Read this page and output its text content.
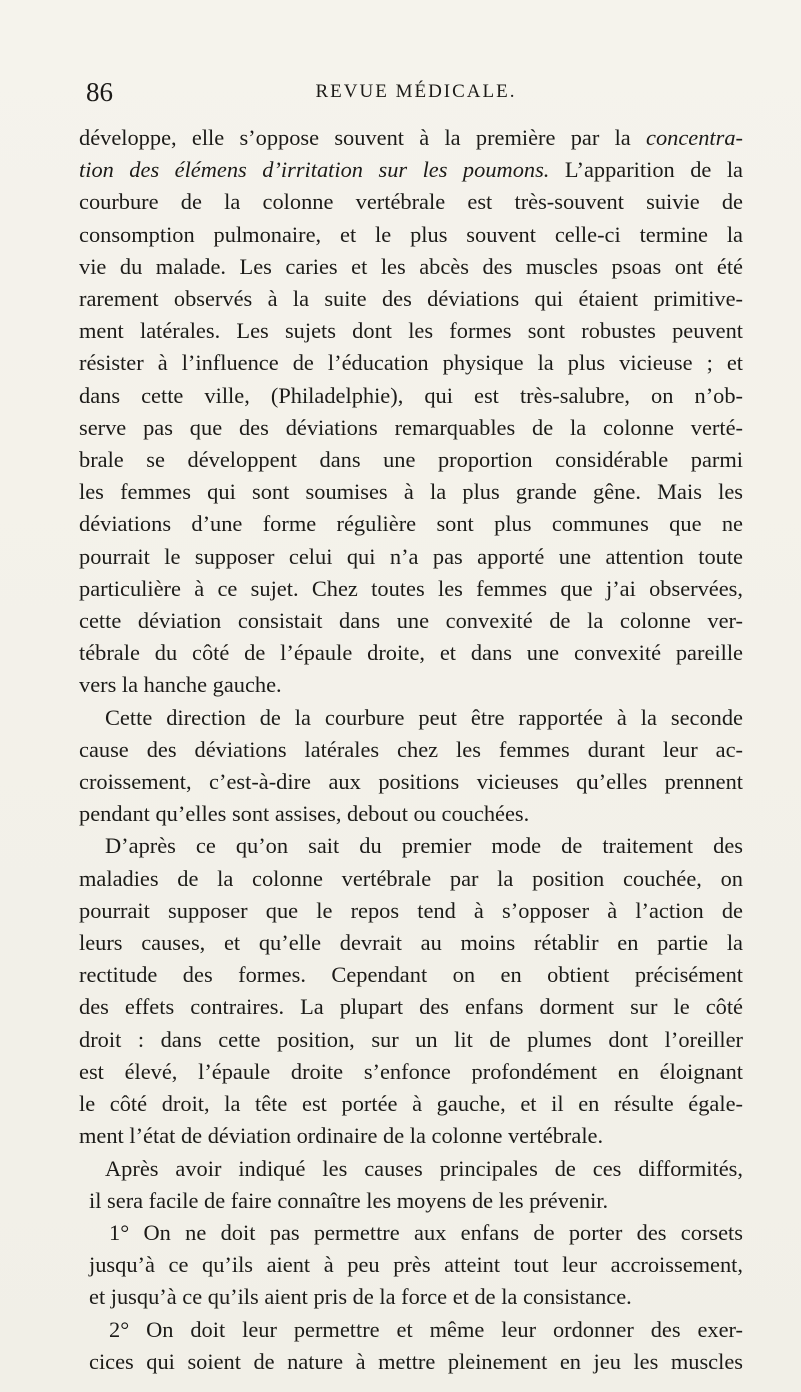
86	REVUE MÉDICALE.
développe, elle s’oppose souvent à la première par la concentra-
tion des élémens d’irritation sur les poumons. L’apparition de la
courbure de la colonne vertébrale est très-souvent suivie de
consomption pulmonaire, et le plus souvent celle-ci termine la
vie du malade. Les caries et les abcès des muscles psoas ont été
rarement observés à la suite des déviations qui étaient primitive-
ment latérales. Les sujets dont les formes sont robustes peuvent
résister à l’influence de l’éducation physique la plus vicieuse ; et
dans cette ville, (Philadelphie), qui est très-salubre, on n’ob-
serve pas que des déviations remarquables de la colonne verté-
brale se développent dans une proportion considérable parmi
les femmes qui sont soumises à la plus grande gêne. Mais les
déviations d’une forme régulière sont plus communes que ne
pourrait le supposer celui qui n’a pas apporté une attention toute
particulière à ce sujet. Chez toutes les femmes que j’ai observées,
cette déviation consistait dans une convexité de la colonne ver-
tébrale du côté de l’épaule droite, et dans une convexité pareille
vers la hanche gauche.
Cette direction de la courbure peut être rapportée à la seconde
cause des déviations latérales chez les femmes durant leur ac-
croissement, c’est-à-dire aux positions vicieuses qu’elles prennent
pendant qu’elles sont assises, debout ou couchées.
D’après ce qu’on sait du premier mode de traitement des
maladies de la colonne vertébrale par la position couchée, on
pourrait supposer que le repos tend à s’opposer à l’action de
leurs causes, et qu’elle devrait au moins rétablir en partie la
rectitude des formes. Cependant on en obtient précisément
des effets contraires. La plupart des enfans dorment sur le côté
droit : dans cette position, sur un lit de plumes dont l’oreiller
est élevé, l’épaule droite s’enfonce profondément en éloignant
le côté droit, la tête est portée à gauche, et il en résulte égale-
ment l’état de déviation ordinaire de la colonne vertébrale.
Après avoir indiqué les causes principales de ces difformités,
il sera facile de faire connaître les moyens de les prévenir.
1° On ne doit pas permettre aux enfans de porter des corsets
jusqu’à ce qu’ils aient à peu près atteint tout leur accroissement,
et jusqu’à ce qu’ils aient pris de la force et de la consistance.
2° On doit leur permettre et même leur ordonner des exer-
cices qui soient de nature à mettre pleinement en jeu les muscles
